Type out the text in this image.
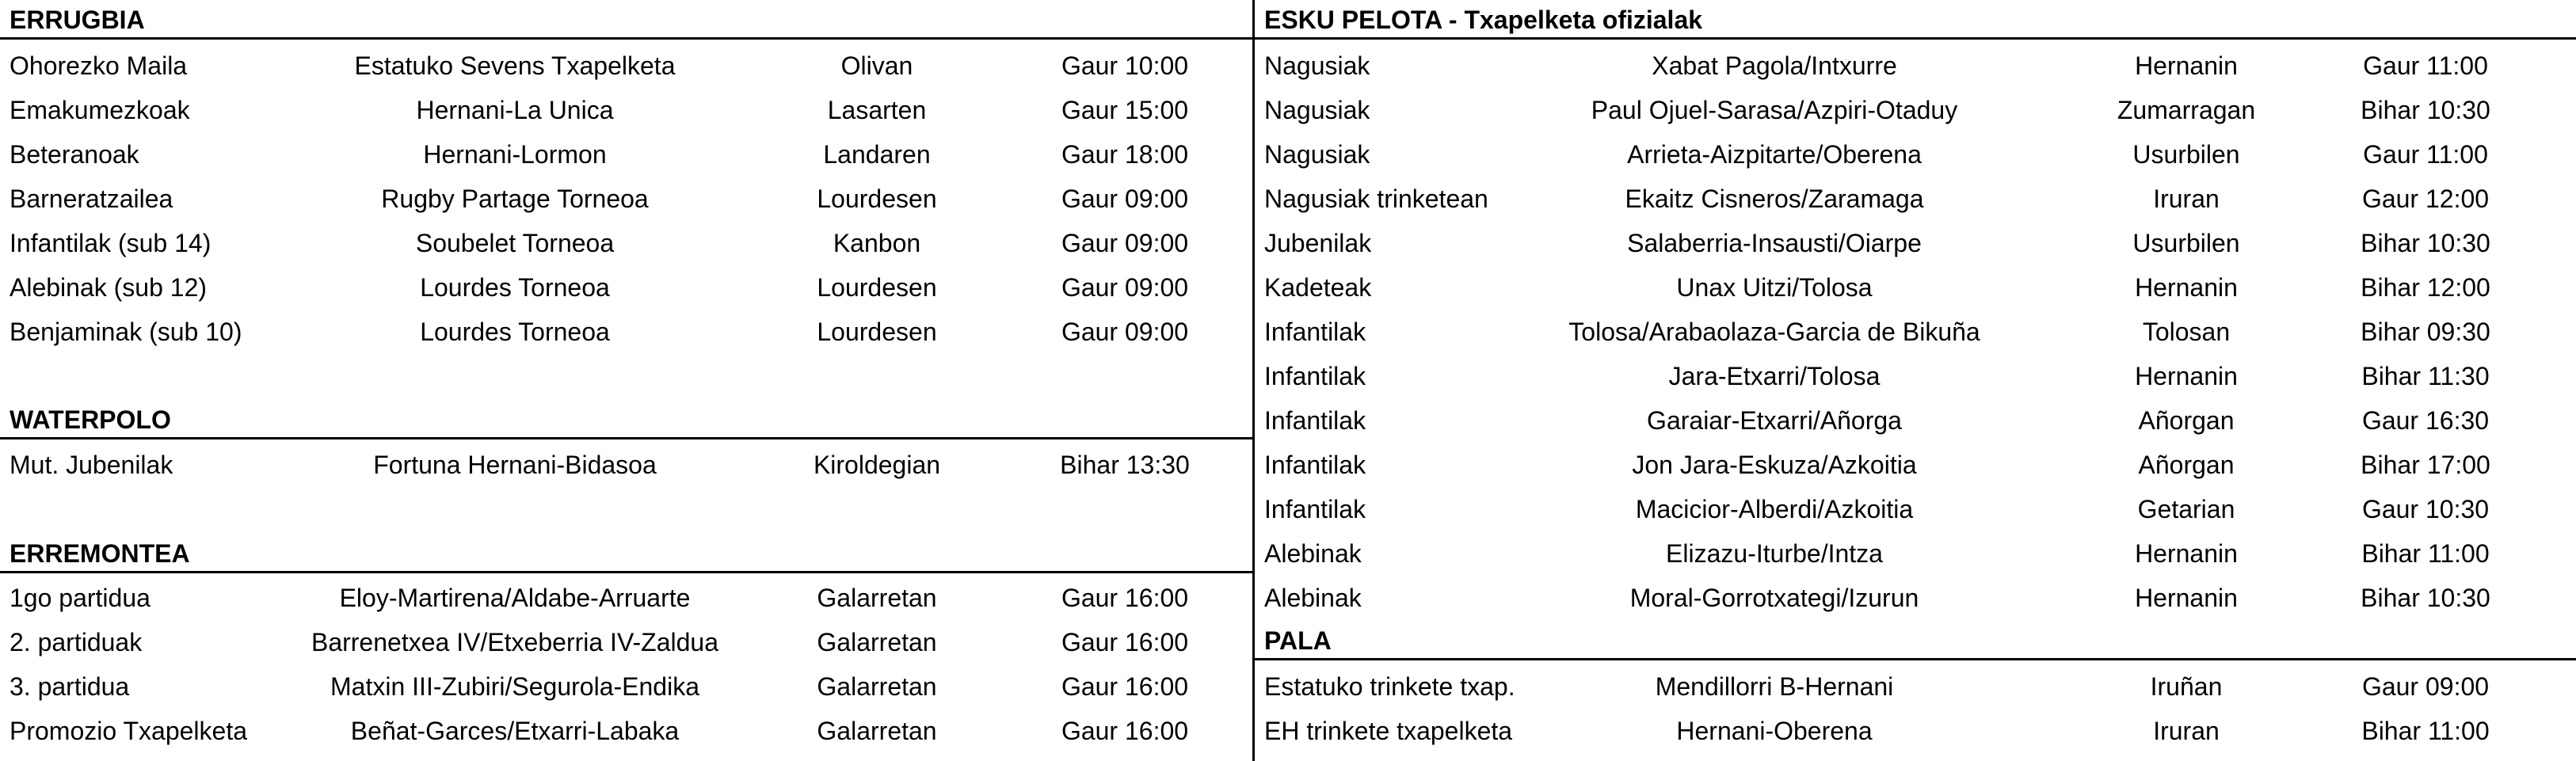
ERRUGBIA
Ohorezko Maila	Estatuko Sevens Txapelketa	Olivan	Gaur 10:00
Emakumezkoak	Hernani-La Unica	Lasarten	Gaur 15:00
Beteranoak	Hernani-Lormon	Landaren	Gaur 18:00
Barneratzailea	Rugby Partage Torneoa	Lourdesen	Gaur 09:00
Infantilak (sub 14)	Soubelet Torneoa	Kanbon	Gaur 09:00
Alebinak (sub 12)	Lourdes Torneoa	Lourdesen	Gaur 09:00
Benjaminak (sub 10)	Lourdes Torneoa	Lourdesen	Gaur 09:00
WATERPOLO
Mut. Jubenilak	Fortuna Hernani-Bidasoa	Kiroldegian	Bihar 13:30
ERREMONTEA
1go partidua	Eloy-Martirena/Aldabe-Arruarte	Galarretan	Gaur 16:00
2. partiduak	Barrenetxea IV/Etxeberria IV-Zaldua	Galarretan	Gaur 16:00
3. partidua	Matxin III-Zubiri/Segurola-Endika	Galarretan	Gaur 16:00
Promozio Txapelketa	Beñat-Garces/Etxarri-Labaka	Galarretan	Gaur 16:00
ESKU PELOTA - Txapelketa ofizialak
Nagusiak	Xabat Pagola/Intxurre	Hernanin	Gaur 11:00
Nagusiak	Paul Ojuel-Sarasa/Azpiri-Otaduy	Zumarragan	Bihar 10:30
Nagusiak	Arrieta-Aizpitarte/Oberena	Usurbilen	Gaur 11:00
Nagusiak trinketean	Ekaitz Cisneros/Zaramaga	Iruran	Gaur 12:00
Jubenilak	Salaberria-Insausti/Oiarpe	Usurbilen	Bihar 10:30
Kadeteak	Unax Uitzi/Tolosa	Hernanin	Bihar 12:00
Infantilak	Tolosa/Arabaolaza-Garcia de Bikuña	Tolosan	Bihar 09:30
Infantilak	Jara-Etxarri/Tolosa	Hernanin	Bihar 11:30
Infantilak	Garaiar-Etxarri/Añorga	Añorgan	Gaur 16:30
Infantilak	Jon Jara-Eskuza/Azkoitia	Añorgan	Bihar 17:00
Infantilak	Macicior-Alberdi/Azkoitia	Getarian	Gaur 10:30
Alebinak	Elizazu-Iturbe/Intza	Hernanin	Bihar 11:00
Alebinak	Moral-Gorrotxategi/Izurun	Hernanin	Bihar 10:30
PALA
Estatuko trinkete txap.	Mendillorri B-Hernani	Iruñan	Gaur 09:00
EH trinkete txapelketa	Hernani-Oberena	Iruran	Bihar 11:00
